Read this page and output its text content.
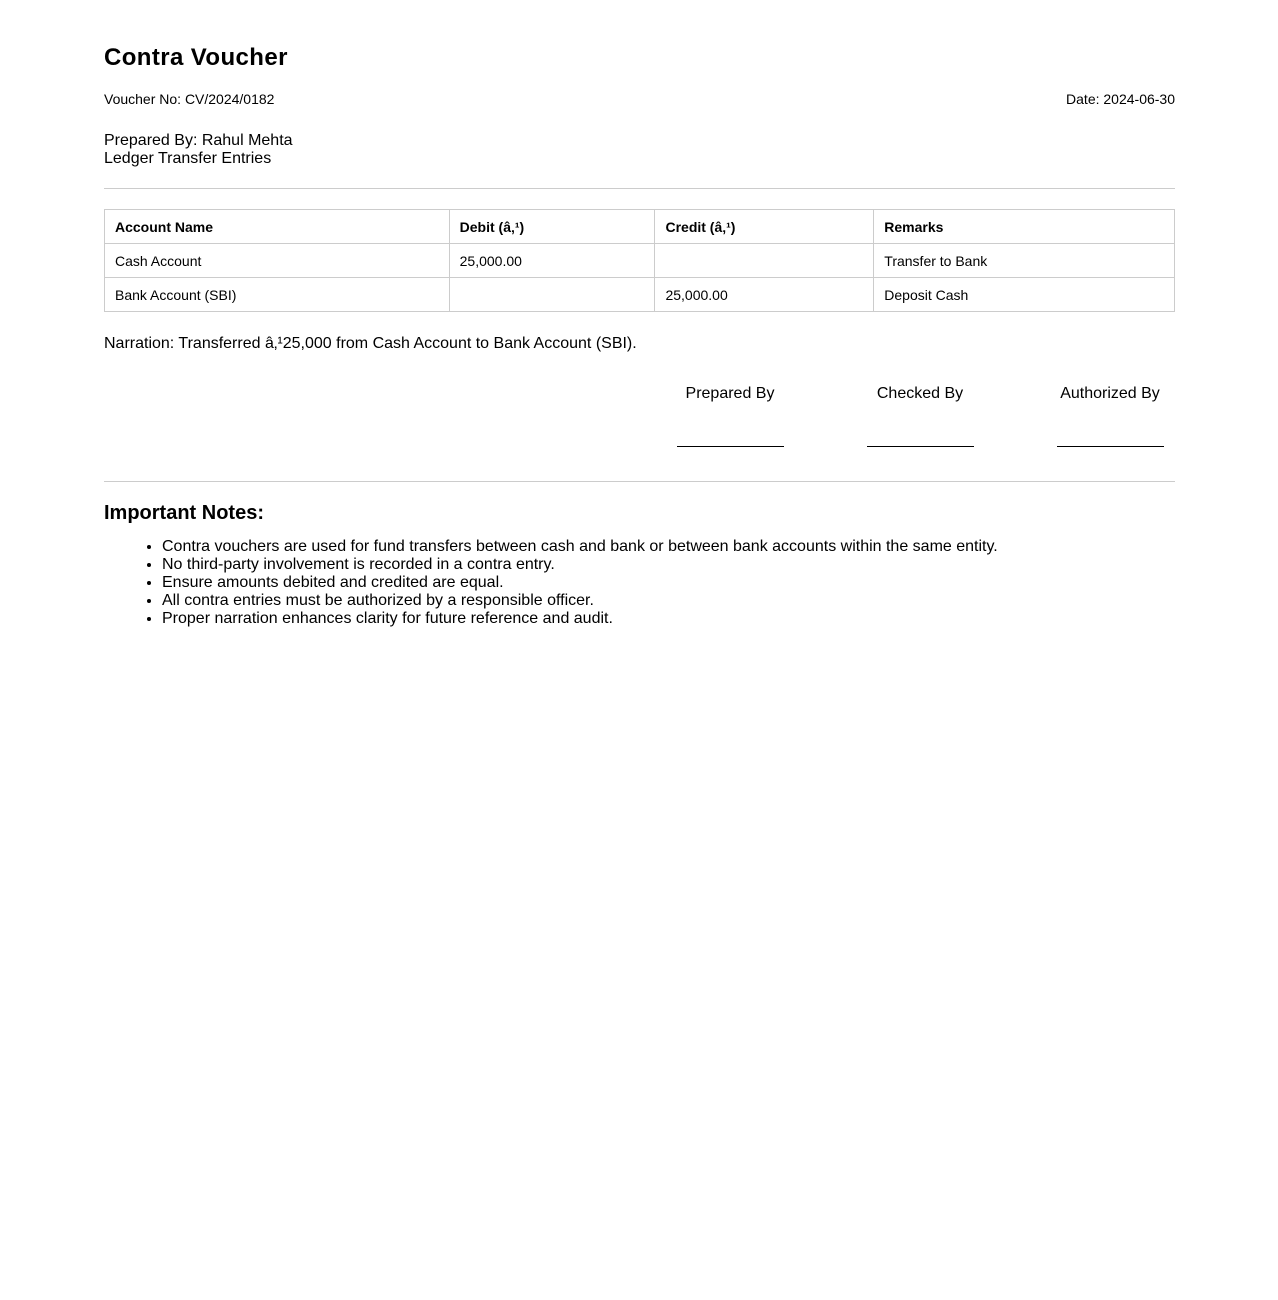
Contra Voucher
Voucher No: CV/2024/0182	Date: 2024-06-30
Prepared By: Rahul Mehta
Ledger Transfer Entries
Account Name	Debit (â‚¹)	Credit (â‚¹)	Remarks
Cash Account	25,000.00		Transfer to Bank
Bank Account (SBI)		25,000.00	Deposit Cash
Narration: Transferred â‚¹25,000 from Cash Account to Bank Account (SBI).
Prepared By	Checked By	Authorized By
Important Notes:
• Contra vouchers are used for fund transfers between cash and bank or between bank accounts within the same entity.
• No third-party involvement is recorded in a contra entry.
• Ensure amounts debited and credited are equal.
• All contra entries must be authorized by a responsible officer.
• Proper narration enhances clarity for future reference and audit.
